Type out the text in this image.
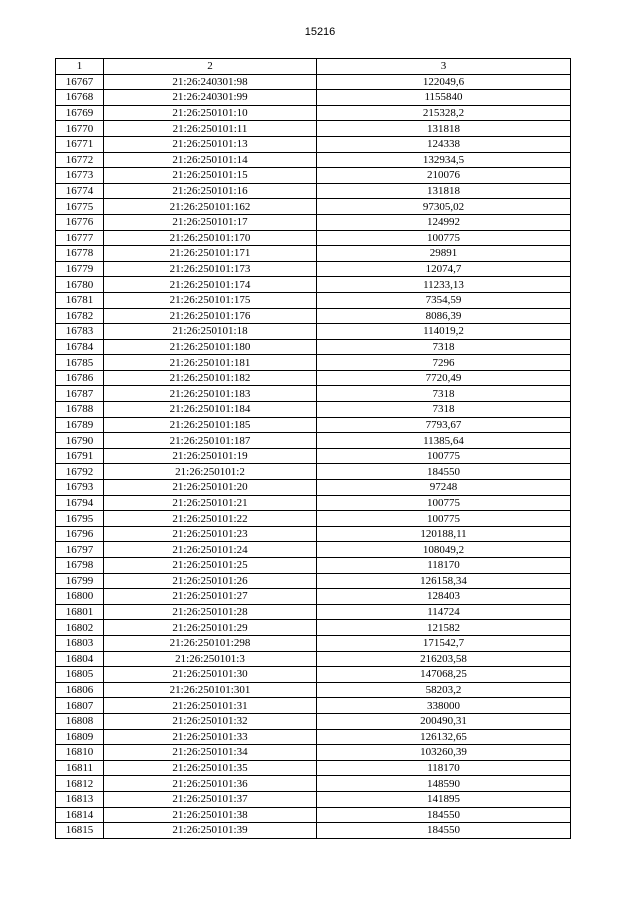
15216
1	2	3
16767	21:26:240301:98	122049,6
16768	21:26:240301:99	1155840
16769	21:26:250101:10	215328,2
16770	21:26:250101:11	131818
16771	21:26:250101:13	124338
16772	21:26:250101:14	132934,5
16773	21:26:250101:15	210076
16774	21:26:250101:16	131818
16775	21:26:250101:162	97305,02
16776	21:26:250101:17	124992
16777	21:26:250101:170	100775
16778	21:26:250101:171	29891
16779	21:26:250101:173	12074,7
16780	21:26:250101:174	11233,13
16781	21:26:250101:175	7354,59
16782	21:26:250101:176	8086,39
16783	21:26:250101:18	114019,2
16784	21:26:250101:180	7318
16785	21:26:250101:181	7296
16786	21:26:250101:182	7720,49
16787	21:26:250101:183	7318
16788	21:26:250101:184	7318
16789	21:26:250101:185	7793,67
16790	21:26:250101:187	11385,64
16791	21:26:250101:19	100775
16792	21:26:250101:2	184550
16793	21:26:250101:20	97248
16794	21:26:250101:21	100775
16795	21:26:250101:22	100775
16796	21:26:250101:23	120188,11
16797	21:26:250101:24	108049,2
16798	21:26:250101:25	118170
16799	21:26:250101:26	126158,34
16800	21:26:250101:27	128403
16801	21:26:250101:28	114724
16802	21:26:250101:29	121582
16803	21:26:250101:298	171542,7
16804	21:26:250101:3	216203,58
16805	21:26:250101:30	147068,25
16806	21:26:250101:301	58203,2
16807	21:26:250101:31	338000
16808	21:26:250101:32	200490,31
16809	21:26:250101:33	126132,65
16810	21:26:250101:34	103260,39
16811	21:26:250101:35	118170
16812	21:26:250101:36	148590
16813	21:26:250101:37	141895
16814	21:26:250101:38	184550
16815	21:26:250101:39	184550
